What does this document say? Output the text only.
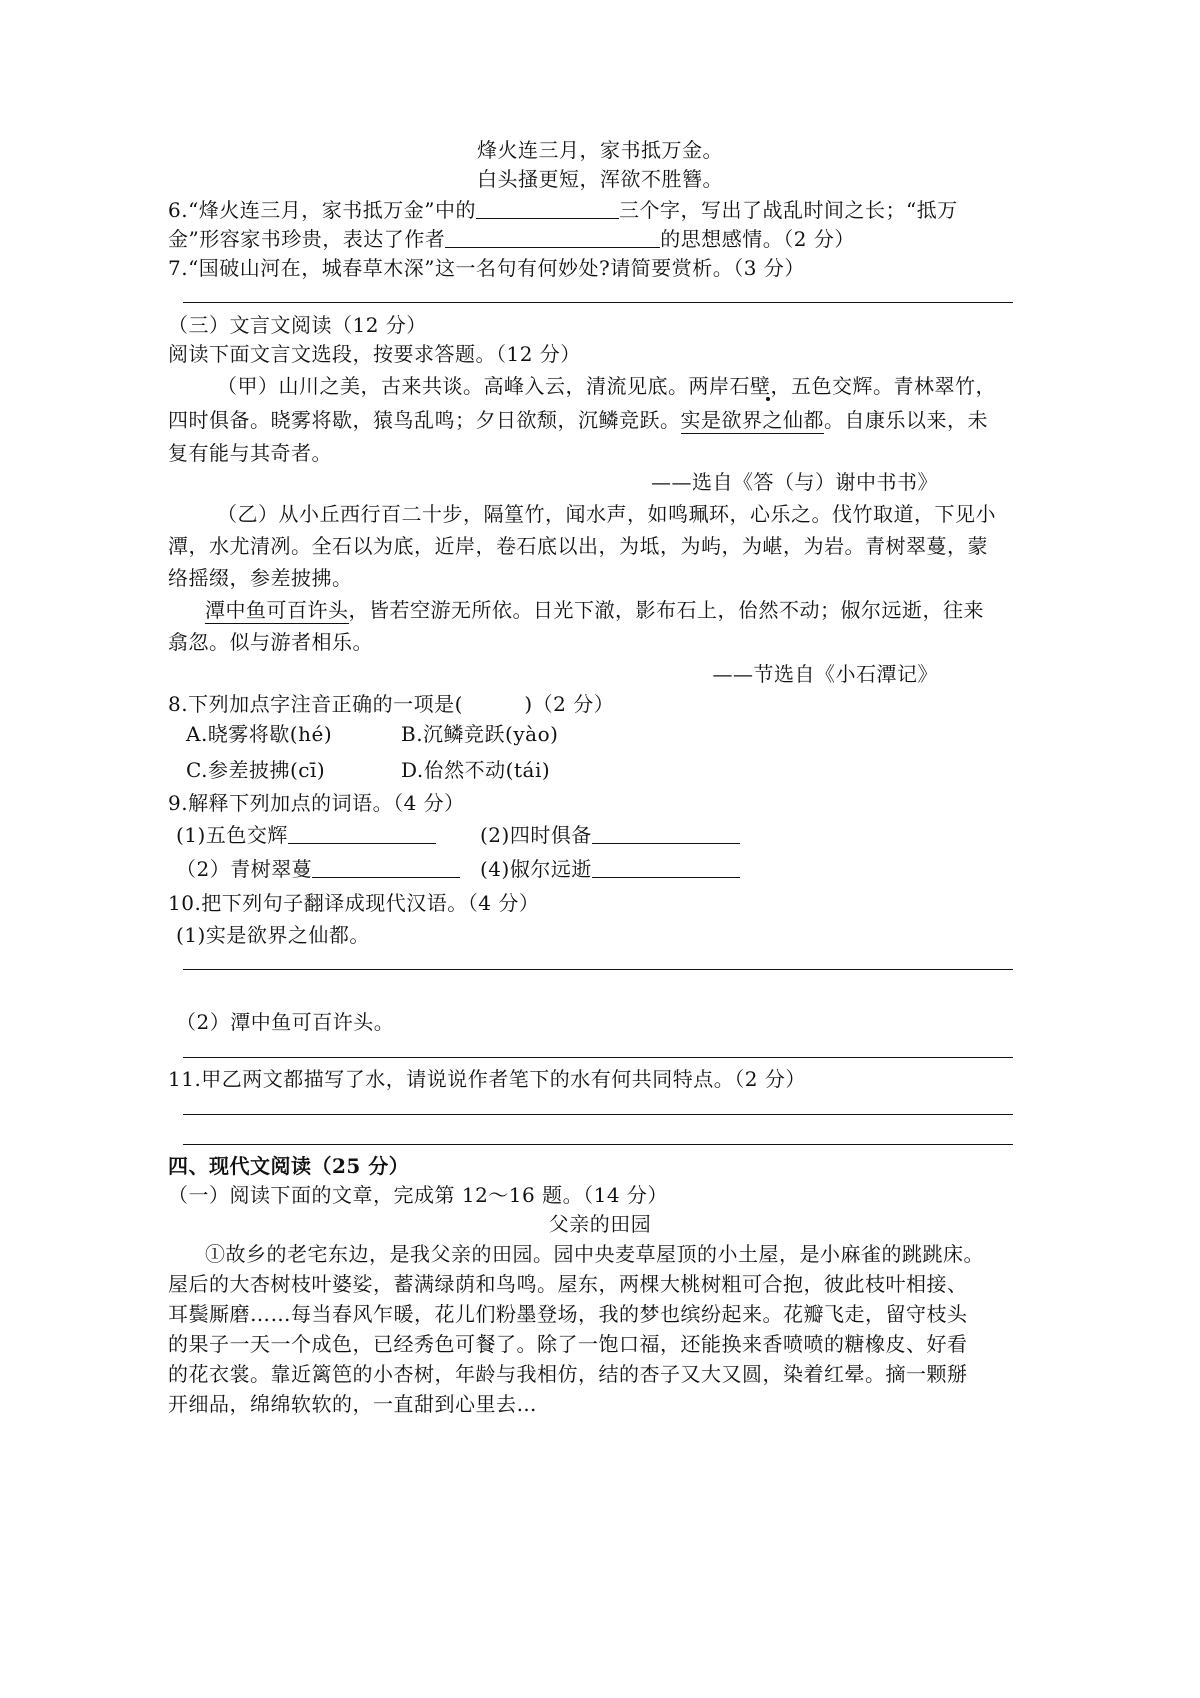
烽火连三月，家书抵万金。
白头搔更短，浑欲不胜簪。
6.“烽火连三月，家书抵万金”中的	三个字，写出了战乱时间之长；“抵万
金”形容家书珍贵，表达了作者	的思想感情。（2 分）
7.“国破山河在，城春草木深”这一名句有何妙处?请简要赏析。（3 分）
（三）文言文阅读（12 分）
阅读下面文言文选段，按要求答题。（12 分）
（甲）山川之美，古来共谈。高峰入云，清流见底。两岸石壁，五色交辉。青林翠竹，
四时俱备。晓雾将歇，猿鸟乱鸣；夕日欲颓，沉鳞竞跃。实是欲界之仙都。自康乐以来，未
复有能与其奇者。
——选自《答（与）谢中书书》
（乙）从小丘西行百二十步，隔篁竹，闻水声，如鸣珮环，心乐之。伐竹取道，下见小
潭，水尤清冽。全石以为底，近岸，卷石底以出，为坻，为屿，为嵁，为岩。青树翠蔓，蒙
络摇缀，参差披拂。
潭中鱼可百许头，皆若空游无所依。日光下澈，影布石上，佁然不动；俶尔远逝，往来
翕忽。似与游者相乐。
——节选自《小石潭记》
8.下列加点字注音正确的一项是(　　　)（2 分）
A.晓雾将歇(hé)	B.沉鳞竞跃(yào)
C.参差披拂(cī)	D.佁然不动(tái)
9.解释下列加点的词语。（4 分）
(1)五色交辉	(2)四时俱备
（2）青树翠蔓	(4)俶尔远逝
10.把下列句子翻译成现代汉语。（4 分）
(1)实是欲界之仙都。
（2）潭中鱼可百许头。
11.甲乙两文都描写了水，请说说作者笔下的水有何共同特点。（2 分）
四、现代文阅读（25 分）
（一）阅读下面的文章，完成第 12～16 题。（14 分）
父亲的田园
①故乡的老宅东边，是我父亲的田园。园中央麦草屋顶的小土屋，是小麻雀的跳跳床。
屋后的大杏树枝叶婆娑，蓄满绿荫和鸟鸣。屋东，两棵大桃树粗可合抱，彼此枝叶相接、
耳鬓厮磨……每当春风乍暖，花儿们粉墨登场，我的梦也缤纷起来。花瓣飞走，留守枝头
的果子一天一个成色，已经秀色可餐了。除了一饱口福，还能换来香喷喷的糖橡皮、好看
的花衣裳。靠近篱笆的小杏树，年龄与我相仿，结的杏子又大又圆，染着红晕。摘一颗掰
开细品，绵绵软软的，一直甜到心里去…
